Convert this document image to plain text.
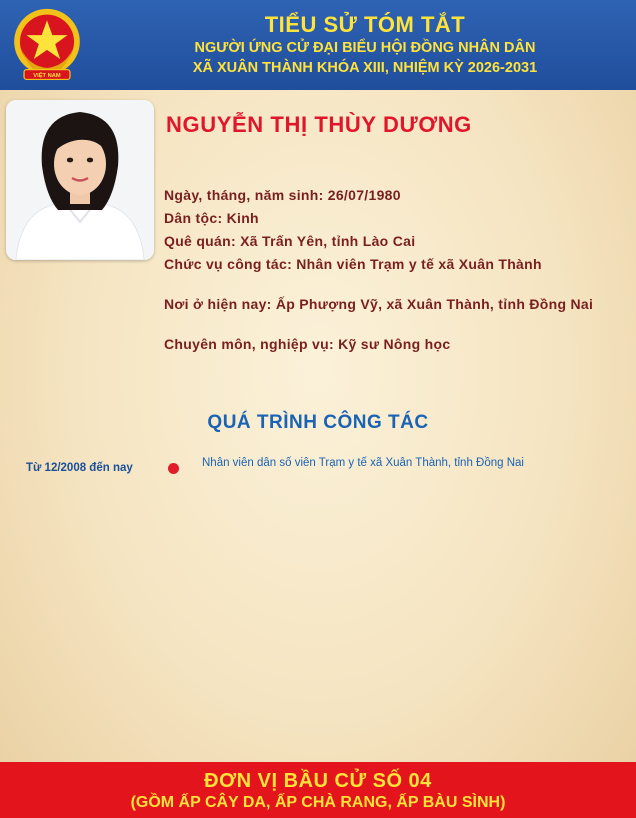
VIỆT NAM
TIỂU SỬ TÓM TẮT

NGƯỜI ỨNG CỬ ĐẠI BIỂU HỘI ĐỒNG NHÂN DÂN

XÃ XUÂN THÀNH KHÓA XIII, NHIỆM KỲ 2026-2031

NGUYỄN THỊ THÙY DƯƠNG

Ngày, tháng, năm sinh: 26/07/1980

Dân tộc: Kinh

Quê quán: Xã Trấn Yên, tỉnh Lào Cai

Chức vụ công tác: Nhân viên Trạm y tế xã Xuân Thành

Nơi ở hiện nay: Ấp Phượng Vỹ, xã Xuân Thành, tỉnh Đồng Nai

Chuyên môn, nghiệp vụ: Kỹ sư Nông học

QUÁ TRÌNH CÔNG TÁC
Từ 12/2008 đến nay	Nhân viên dân số viên Trạm y tế xã Xuân Thành, tỉnh Đồng Nai

ĐƠN VỊ BẦU CỬ SỐ 04

(GỒM ẤP CÂY DA, ẤP CHÀ RANG, ẤP BÀU SÌNH)
